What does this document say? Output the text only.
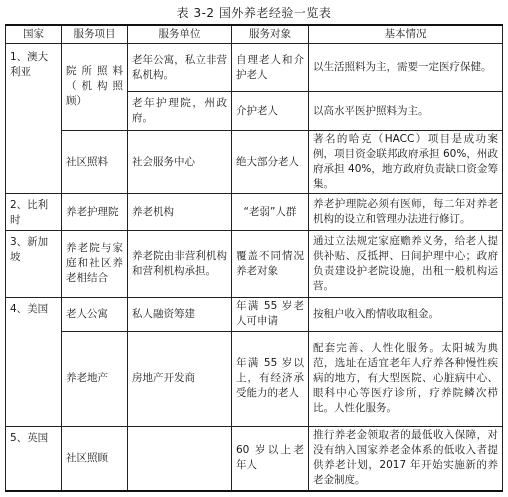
表 3-2 国外养老经验一览表
国家	服务项目	服务单位	服务对象	基本情况
1、澳大利亚	院所照料（机构照顾）	老年公寓，私立非营私机构。	自理老人和介护老人	以生活照料为主，需要一定医疗保健。
		老年护理院，州政府。	介护老人	以高水平医护照料为主。
	社区照料	社会服务中心	绝大部分老人	著名的哈克（HACC）项目是成功案例，项目资金联邦政府承担 60%，州政府承担 40%，地方政府负责缺口资金筹集。
2、比利时	养老护理院	养老机构	“老弱”人群	养老护理院必须有医师，每二年对养老机构的设立和管理办法进行修订。
3、新加坡	养老院与家庭和社区养老相结合	养老院由非营利机构和营利机构承担。	覆盖不同情况养老对象	通过立法规定家庭赡养义务，给老人提供补贴、反抵押、日间护理中心；政府负责建设护老院设施，出租一般机构运营。
4、美国	老人公寓	私人融资筹建	年满 55 岁老人可申请	按租户收入酌情收取租金。
	养老地产	房地产开发商	年满 55 岁以上，有经济承受能力的老人	配套完善、人性化服务。太阳城为典范，选址在适宜老年人疗养各种慢性疾病的地方，有大型医院、心脏病中心、眼科中心等医疗诊所，疗养院鳞次栉比。人性化服务。
5、英国	社区照顾		60 岁以上老年人	推行养老金领取者的最低收入保障，对没有纳入国家养老金体系的低收入者提供养老计划，2017 年开始实施新的养老金制度。
